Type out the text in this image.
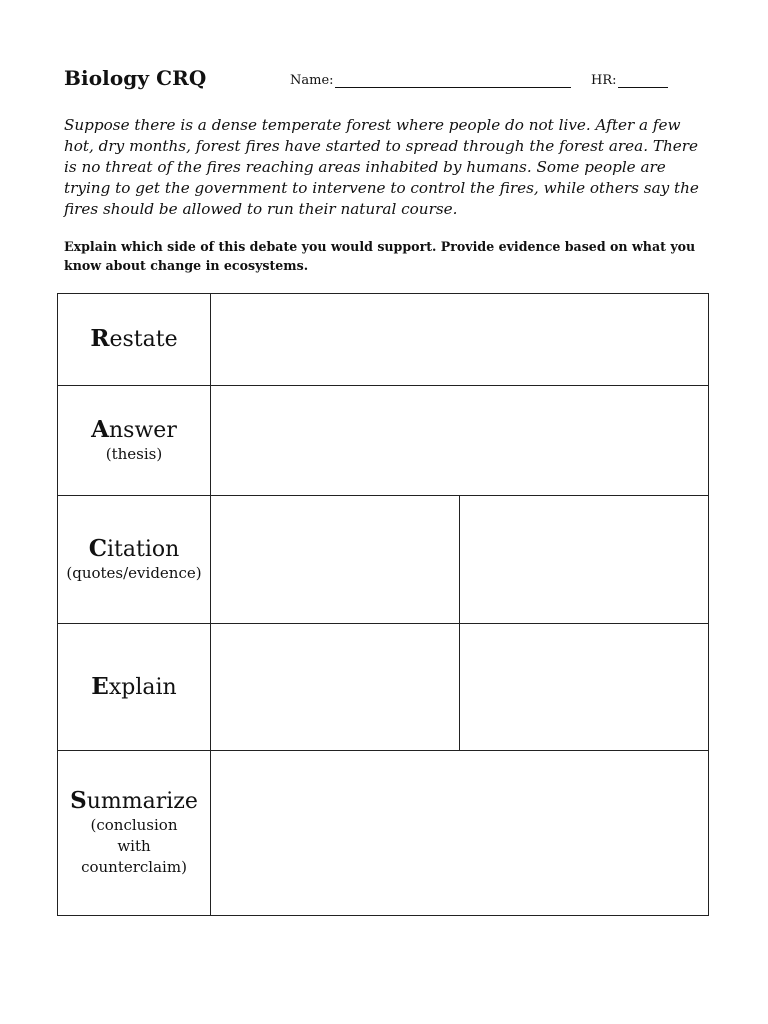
Biology CRQ	Name:	HR:

Suppose there is a dense temperate forest where people do not live. After a few hot, dry months, forest fires have started to spread through the forest area. There is no threat of the fires reaching areas inhabited by humans. Some people are trying to get the government to intervene to control the fires, while others say the fires should be allowed to run their natural course.

Explain which side of this debate you would support. Provide evidence based on what you know about change in ecosystems.

Restate		

Answer
(thesis)		

Citation
(quotes/evidence)		

Explain		

Summarize
(conclusion with counterclaim)		
